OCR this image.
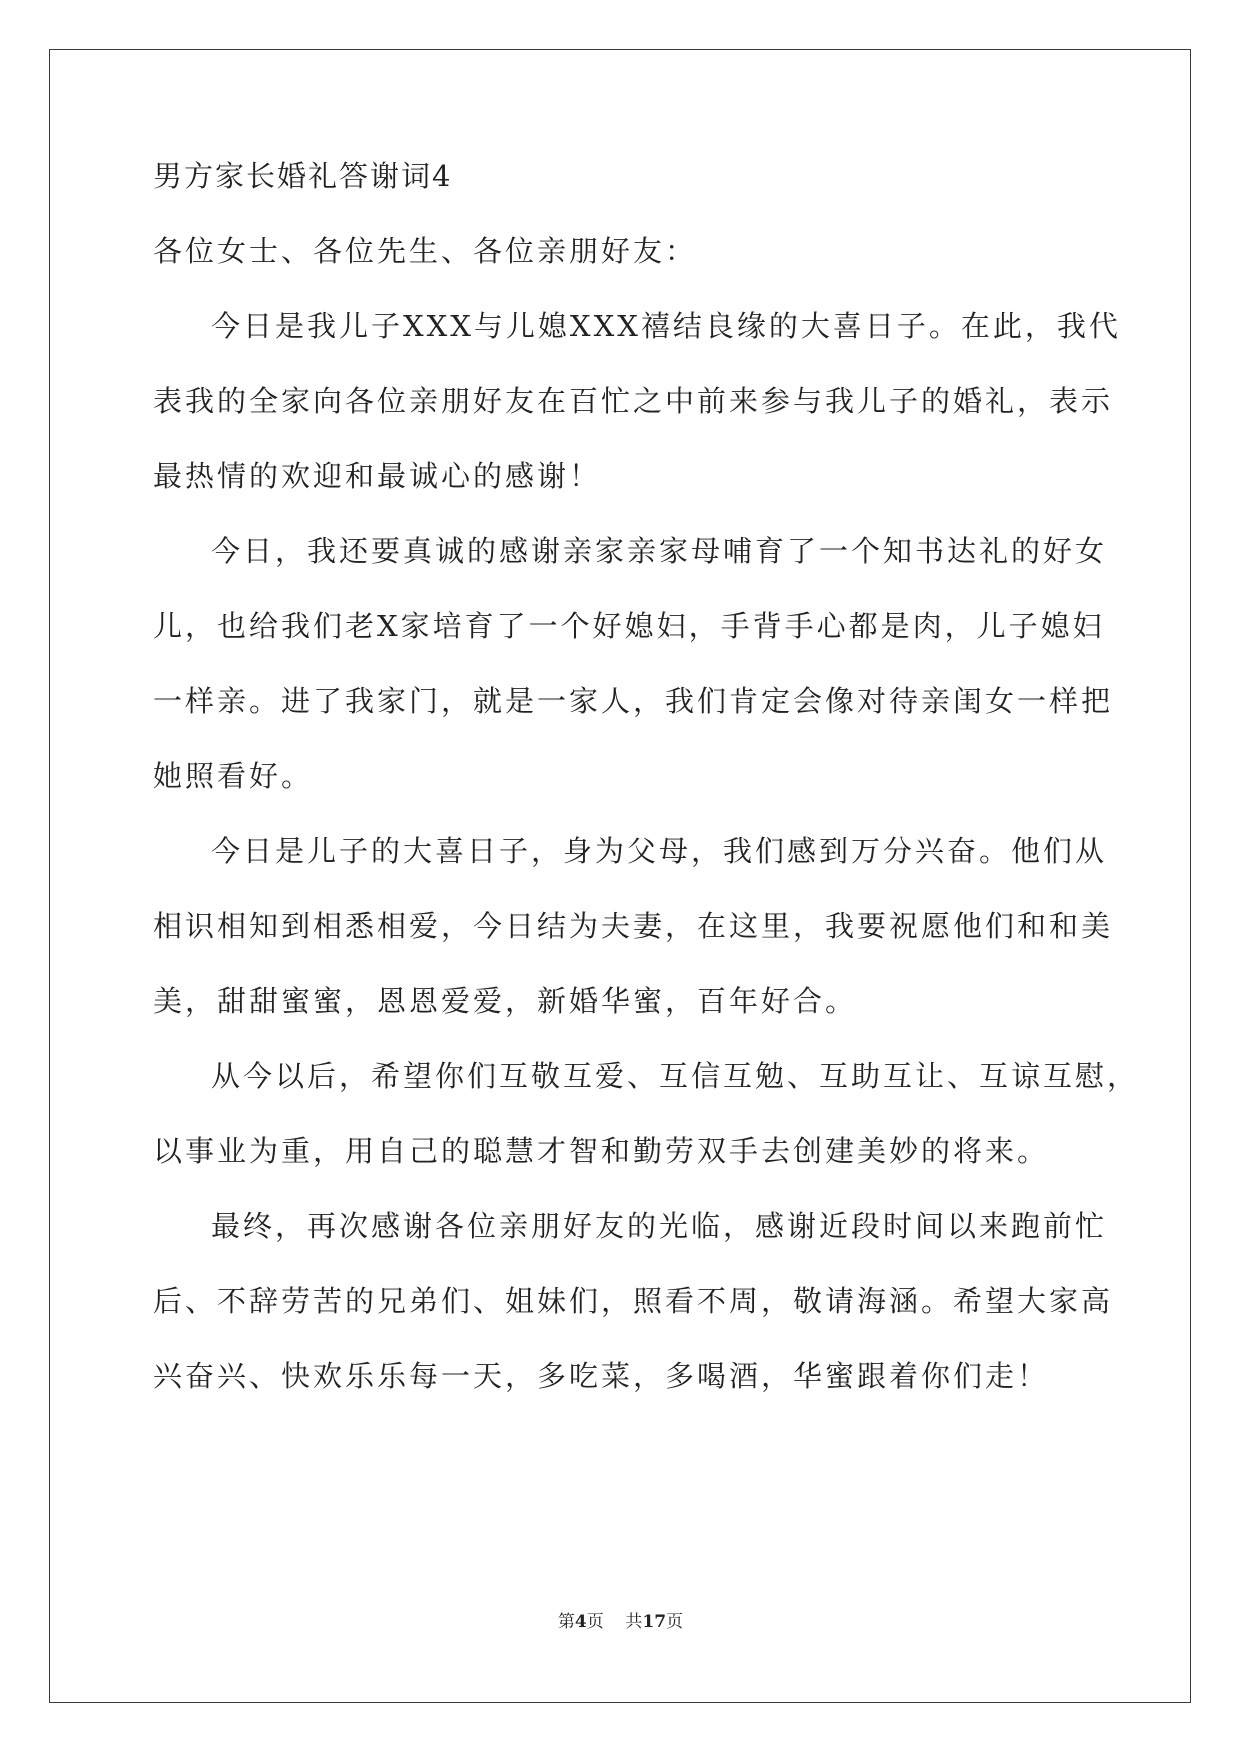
男方家长婚礼答谢词4
各位女士、各位先生、各位亲朋好友：
今日是我儿子XXX与儿媳XXX禧结良缘的大喜日子。在此，我代
表我的全家向各位亲朋好友在百忙之中前来参与我儿子的婚礼，表示
最热情的欢迎和最诚心的感谢！
今日，我还要真诚的感谢亲家亲家母哺育了一个知书达礼的好女
儿，也给我们老X家培育了一个好媳妇，手背手心都是肉，儿子媳妇
一样亲。进了我家门，就是一家人，我们肯定会像对待亲闺女一样把
她照看好。
今日是儿子的大喜日子，身为父母，我们感到万分兴奋。他们从
相识相知到相悉相爱，今日结为夫妻，在这里，我要祝愿他们和和美
美，甜甜蜜蜜，恩恩爱爱，新婚华蜜，百年好合。
从今以后，希望你们互敬互爱、互信互勉、互助互让、互谅互慰，
以事业为重，用自己的聪慧才智和勤劳双手去创建美妙的将来。
最终，再次感谢各位亲朋好友的光临，感谢近段时间以来跑前忙
后、不辞劳苦的兄弟们、姐妹们，照看不周，敬请海涵。希望大家高
兴奋兴、快欢乐乐每一天，多吃菜，多喝酒，华蜜跟着你们走！
第4页 共17页
